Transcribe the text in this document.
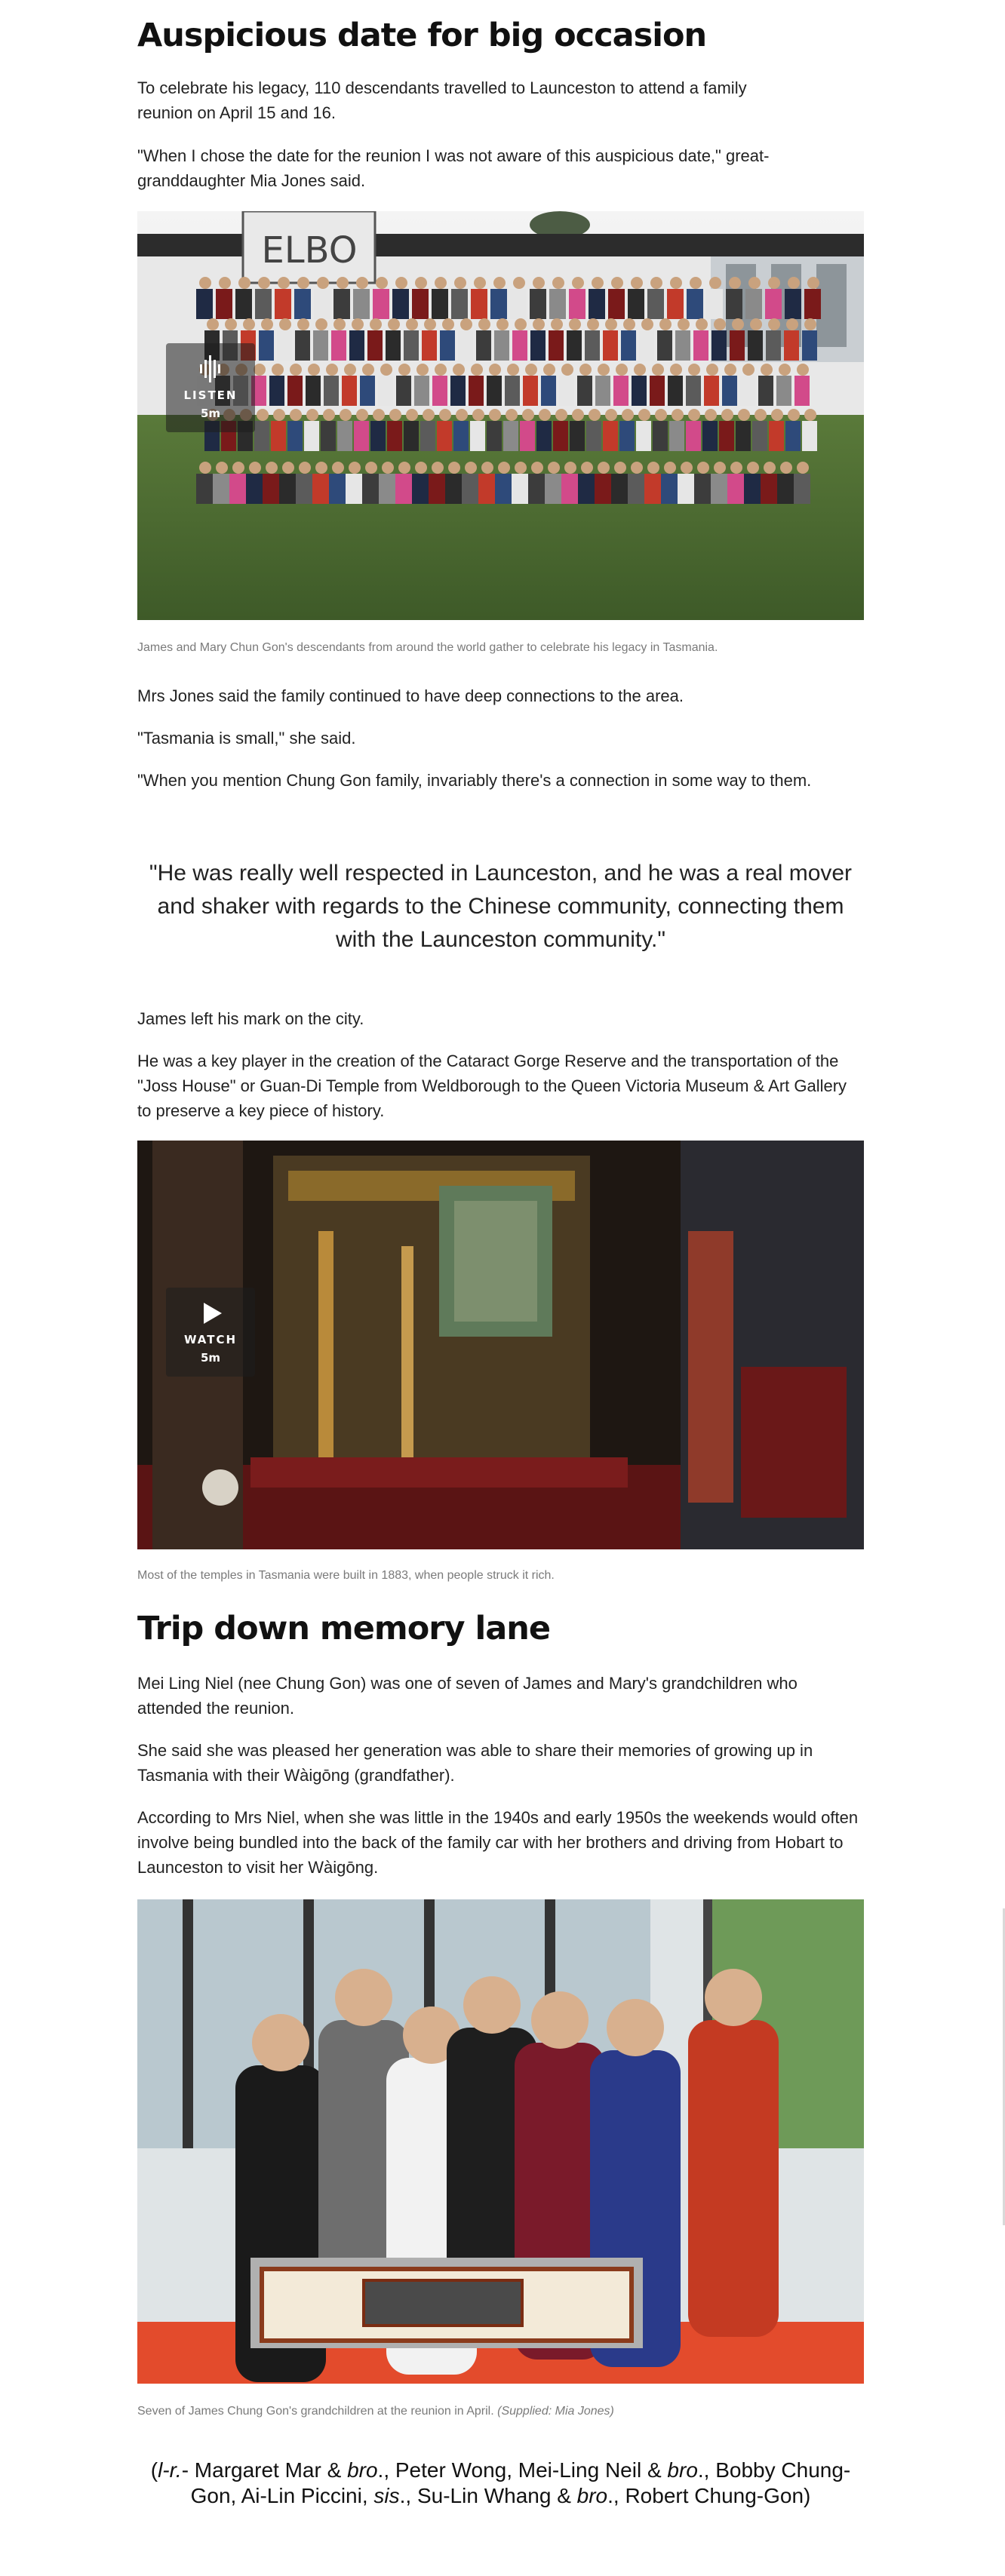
Auspicious date for big occasion

To celebrate his legacy, 110 descendants travelled to Launceston to attend a family reunion on April 15 and 16.

"When I chose the date for the reunion I was not aware of this auspicious date," great-granddaughter Mia Jones said.

ELBO
LISTEN
5m

James and Mary Chun Gon's descendants from around the world gather to celebrate his legacy in Tasmania.

Mrs Jones said the family continued to have deep connections to the area.

"Tasmania is small," she said.

"When you mention Chung Gon family, invariably there's a connection in some way to them.

"He was really well respected in Launceston, and he was a real mover and shaker with regards to the Chinese community, connecting them with the Launceston community."

James left his mark on the city.

He was a key player in the creation of the Cataract Gorge Reserve and the transportation of the "Joss House" or Guan-Di Temple from Weldborough to the Queen Victoria Museum & Art Gallery to preserve a key piece of history.

WATCH
5m

Most of the temples in Tasmania were built in 1883, when people struck it rich.

Trip down memory lane

Mei Ling Niel (nee Chung Gon) was one of seven of James and Mary's grandchildren who attended the reunion.

She said she was pleased her generation was able to share their memories of growing up in Tasmania with their Wàigōng (grandfather).

According to Mrs Niel, when she was little in the 1940s and early 1950s the weekends would often involve being bundled into the back of the family car with her brothers and driving from Hobart to Launceston to visit her Wàigōng.

Seven of James Chung Gon's grandchildren at the reunion in April. (Supplied: Mia Jones)

(l-r.- Margaret Mar & bro., Peter Wong, Mei-Ling Neil & bro., Bobby Chung-Gon, Ai-Lin Piccini, sis., Su-Lin Whang & bro., Robert Chung-Gon)
